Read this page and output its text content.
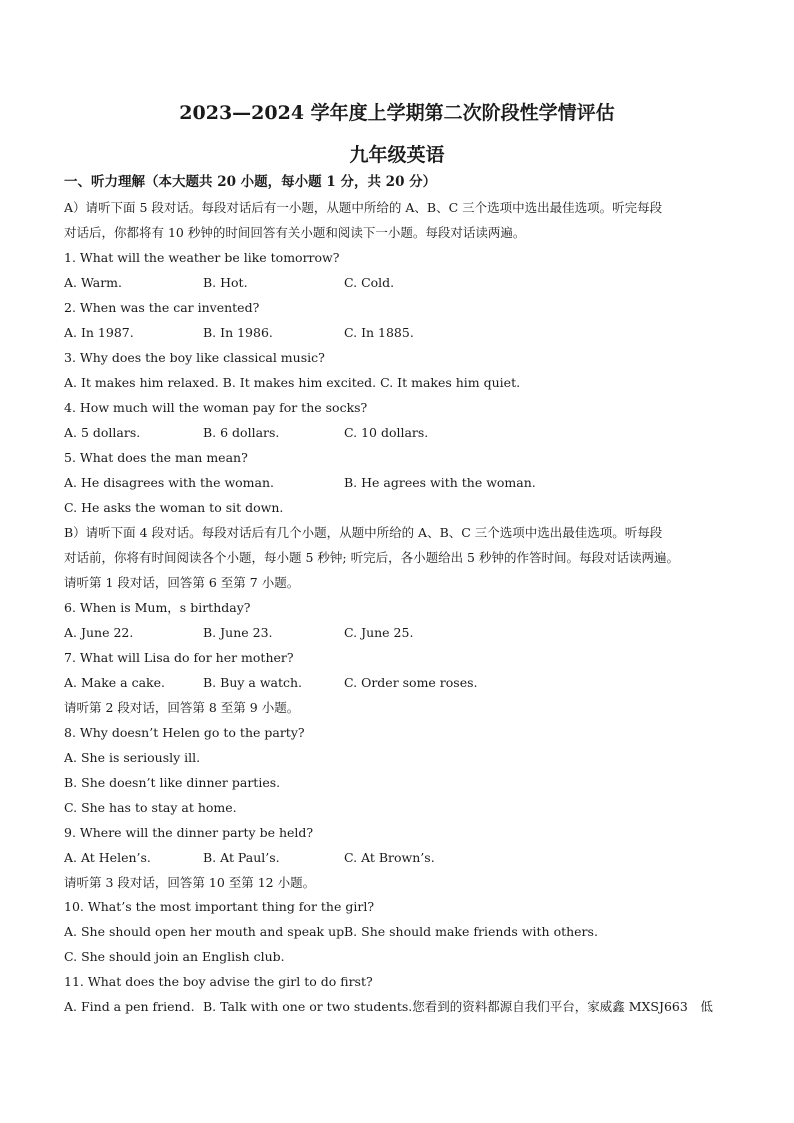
2023—2024 学年度上学期第二次阶段性学情评估
九年级英语
一、听力理解（本大题共 20 小题，每小题 1 分，共 20 分）
A）请听下面 5 段对话。每段对话后有一小题，从题中所给的 A、B、C 三个选项中选出最佳选项。听完每段
对话后，你都将有 10 秒钟的时间回答有关小题和阅读下一小题。每段对话读两遍。
1. What will the weather be like tomorrow?
A. Warm.	B. Hot.	C. Cold.
2. When was the car invented?
A. In 1987.	B. In 1986.	C. In 1885.
3. Why does the boy like classical music?
A. It makes him relaxed. B. It makes him excited. C. It makes him quiet.
4. How much will the woman pay for the socks?
A. 5 dollars.	B. 6 dollars.	C. 10 dollars.
5. What does the man mean?
A. He disagrees with the woman.	B. He agrees with the woman.
C. He asks the woman to sit down.
B）请听下面 4 段对话。每段对话后有几个小题，从题中所给的 A、B、C 三个选项中选出最佳选项。听每段
对话前，你将有时间阅读各个小题，每小题 5 秒钟; 听完后，各小题给出 5 秒钟的作答时间。每段对话读两遍。
请听第 1 段对话，回答第 6 至第 7 小题。
6. When is Mum，s birthday?
A. June 22.	B. June 23.	C. June 25.
7. What will Lisa do for her mother?
A. Make a cake.	B. Buy a watch.	C. Order some roses.
请听第 2 段对话，回答第 8 至第 9 小题。
8. Why doesn’t Helen go to the party?
A. She is seriously ill.
B. She doesn’t like dinner parties.
C. She has to stay at home.
9. Where will the dinner party be held?
A. At Helen’s.	B. At Paul’s.	C. At Brown’s.
请听第 3 段对话，回答第 10 至第 12 小题。
10. What’s the most important thing for the girl?
A. She should open her mouth and speak up.
B. She should make friends with others.
C. She should join an English club.
11. What does the boy advise the girl to do first?
A. Find a pen friend. B. Talk with one or two students.您看到的资料都源自我们平台，家威鑫 MXSJ663　低
